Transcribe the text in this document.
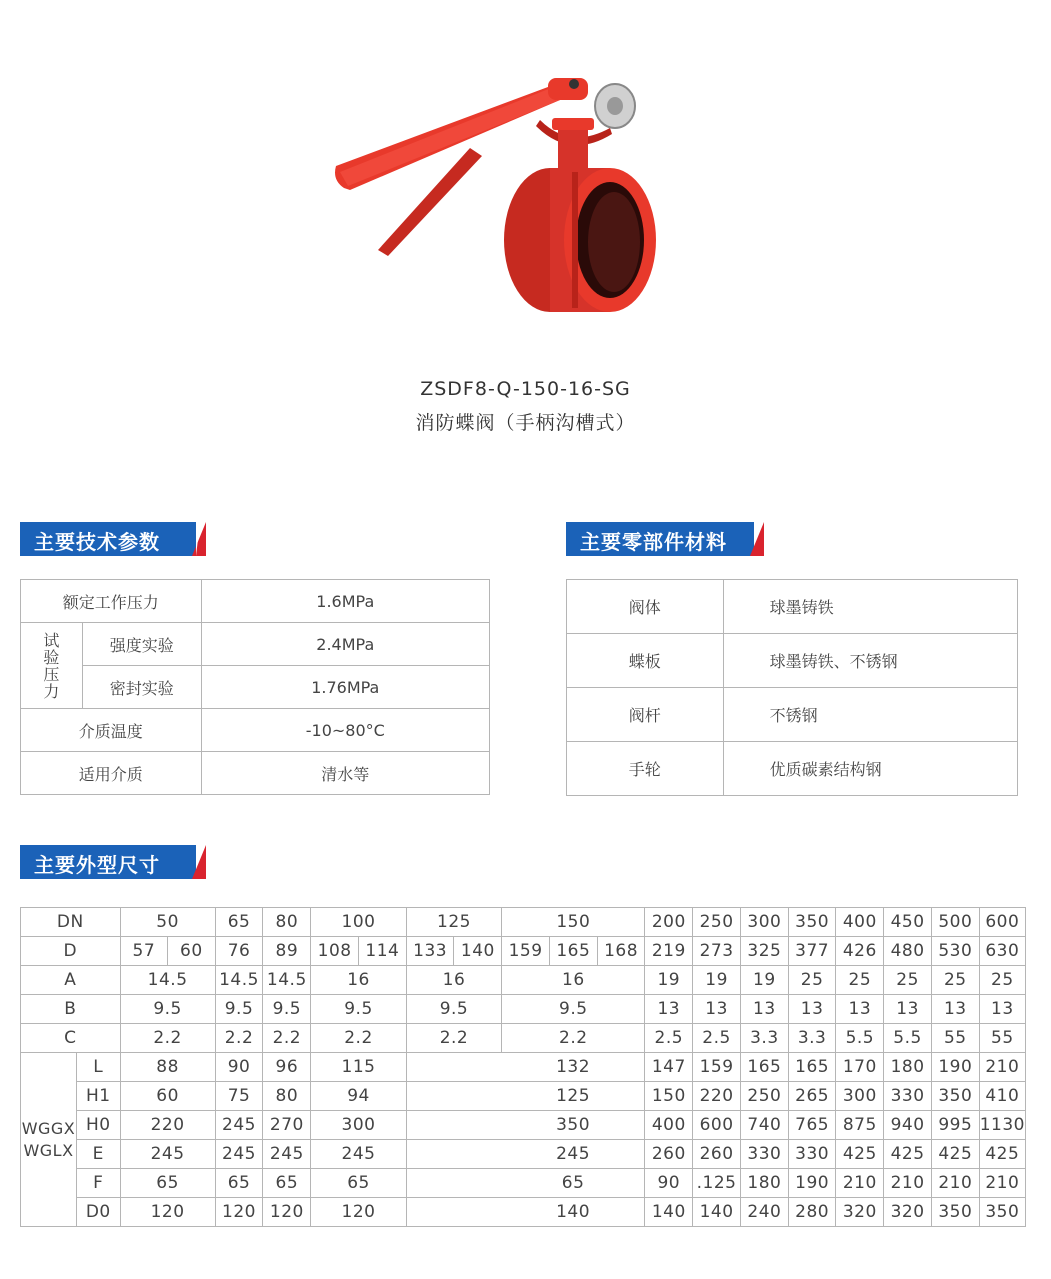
ZSDF8-Q-150-16-SG
消防蝶阀（手柄沟槽式）
主要技术参数	主要零部件材料
额定工作压力		1.6MPa
试
验
压
力	强度实验	2.4MPa
	密封实验	1.76MPa
介质温度		-10~80°C
适用介质		清水等
阀体	球墨铸铁
蝶板	球墨铸铁、不锈钢
阀杆	不锈钢
手轮	优质碳素结构钢
主要外型尺寸
DN		50		65	80	100		125		150			200	250	300	350	400	450	500	600
D		57	60	76	89	108	114	133	140	159	165	168	219	273	325	377	426	480	530	630
A		14.5		14.5	14.5	16		16		16			19	19	19	25	25	25	25	25
B		9.5		9.5	9.5	9.5		9.5		9.5			13	13	13	13	13	13	13	13
C		2.2		2.2	2.2	2.2		2.2		2.2			2.5	2.5	3.3	3.3	5.5	5.5	55	55
WGGX
WGLX	L	88		90	96	115				132			147	159	165	165	170	180	190	210
	H1	60		75	80	94				125			150	220	250	265	300	330	350	410
	H0	220		245	270	300				350			400	600	740	765	875	940	995	1130
	E	245		245	245	245				245			260	260	330	330	425	425	425	425
	F	65		65	65	65				65			90	.125	180	190	210	210	210	210
	D0	120		120	120	120				140			140	140	240	280	320	320	350	350
